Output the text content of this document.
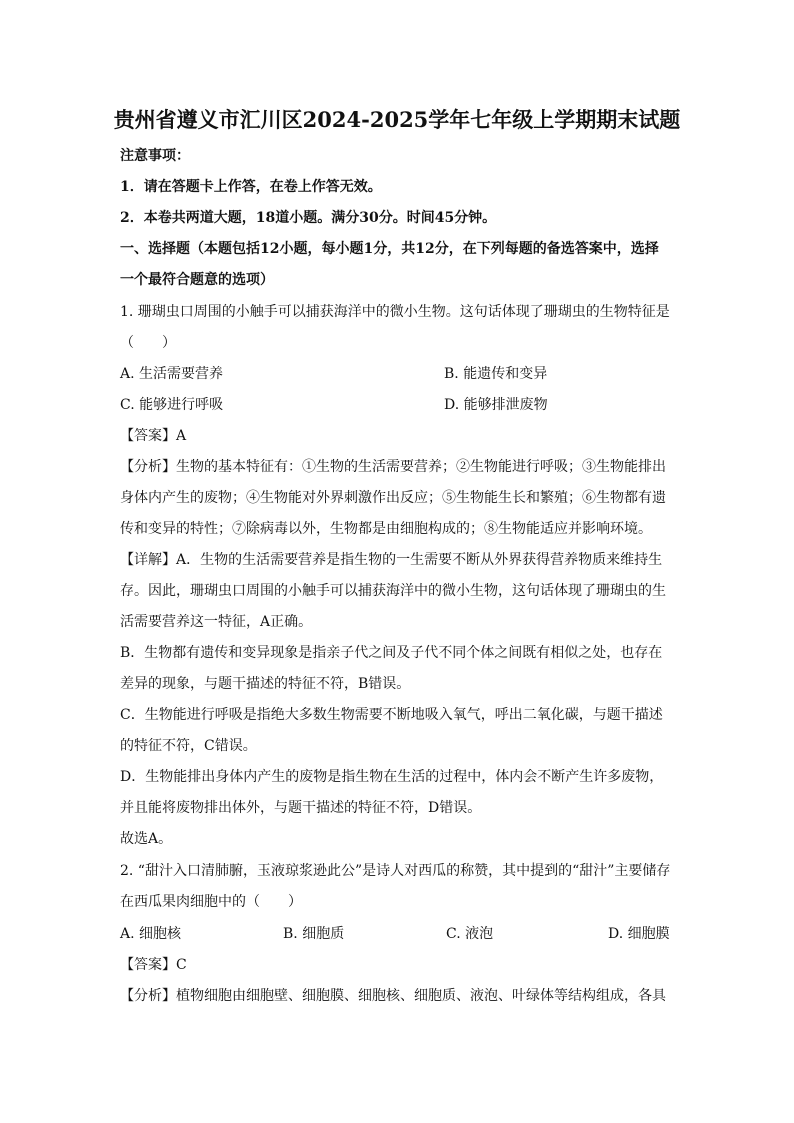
贵州省遵义市汇川区2024-2025学年七年级上学期期末试题
注意事项：
1．请在答题卡上作答，在卷上作答无效。
2．本卷共两道大题，18道小题。满分30分。时间45分钟。
一、选择题（本题包括12小题，每小题1分，共12分，在下列每题的备选答案中，选择
一个最符合题意的选项）
1. 珊瑚虫口周围的小触手可以捕获海洋中的微小生物。这句话体现了珊瑚虫的生物特征是
（　　）
A. 生活需要营养	B. 能遗传和变异
C. 能够进行呼吸	D. 能够排泄废物
【答案】A
【分析】生物的基本特征有：①生物的生活需要营养；②生物能进行呼吸；③生物能排出
身体内产生的废物；④生物能对外界刺激作出反应；⑤生物能生长和繁殖；⑥生物都有遗
传和变异的特性；⑦除病毒以外，生物都是由细胞构成的；⑧生物能适应并影响环境。
【详解】A．生物的生活需要营养是指生物的一生需要不断从外界获得营养物质来维持生
存。因此，珊瑚虫口周围的小触手可以捕获海洋中的微小生物，这句话体现了珊瑚虫的生
活需要营养这一特征，A正确。
B．生物都有遗传和变异现象是指亲子代之间及子代不同个体之间既有相似之处，也存在
差异的现象，与题干描述的特征不符，B错误。
C．生物能进行呼吸是指绝大多数生物需要不断地吸入氧气，呼出二氧化碳，与题干描述
的特征不符，C错误。
D．生物能排出身体内产生的废物是指生物在生活的过程中，体内会不断产生许多废物，
并且能将废物排出体外，与题干描述的特征不符，D错误。
故选A。
2. “甜汁入口清肺腑，玉液琼浆逊此公”是诗人对西瓜的称赞，其中提到的“甜汁”主要储存
在西瓜果肉细胞中的（　　）
A. 细胞核	B. 细胞质	C. 液泡	D. 细胞膜
【答案】C
【分析】植物细胞由细胞壁、细胞膜、细胞核、细胞质、液泡、叶绿体等结构组成，各具
